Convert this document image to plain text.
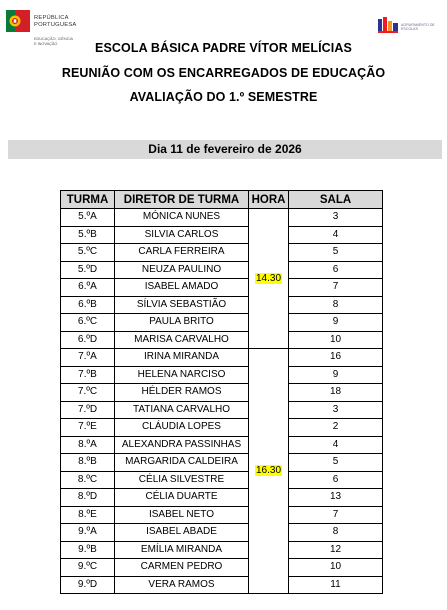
REPÚBLICA
PORTUGUESA
EDUCAÇÃO, CIÊNCIA
E INOVAÇÃO
AGRUPAMENTO DE ESCOLAS
ESCOLA BÁSICA PADRE VÍTOR MELÍCIAS
REUNIÃO COM OS ENCARREGADOS DE EDUCAÇÃO
AVALIAÇÃO DO 1.º SEMESTRE
Dia 11 de fevereiro de 2026
TURMA	DIRETOR DE TURMA	HORA	SALA
5.ºA	MÓNICA NUNES	14.30	3
5.ºB	SILVIA CARLOS		4
5.ºC	CARLA FERREIRA		5
5.ºD	NEUZA PAULINO		6
6.ºA	ISABEL AMADO		7
6.ºB	SÍLVIA SEBASTIÃO		8
6.ºC	PAULA BRITO		9
6.ºD	MARISA CARVALHO		10
7.ºA	IRINA MIRANDA	16.30	16
7.ºB	HELENA NARCISO		9
7.ºC	HÉLDER RAMOS		18
7.ºD	TATIANA CARVALHO		3
7.ºE	CLÁUDIA LOPES		2
8.ºA	ALEXANDRA PASSINHAS		4
8.ºB	MARGARIDA CALDEIRA		5
8.ºC	CÉLIA SILVESTRE		6
8.ºD	CÉLIA DUARTE		13
8.ºE	ISABEL NETO		7
9.ºA	ISABEL ABADE		8
9.ºB	EMÍLIA MIRANDA		12
9.ºC	CARMEN PEDRO		10
9.ºD	VERA RAMOS		11
